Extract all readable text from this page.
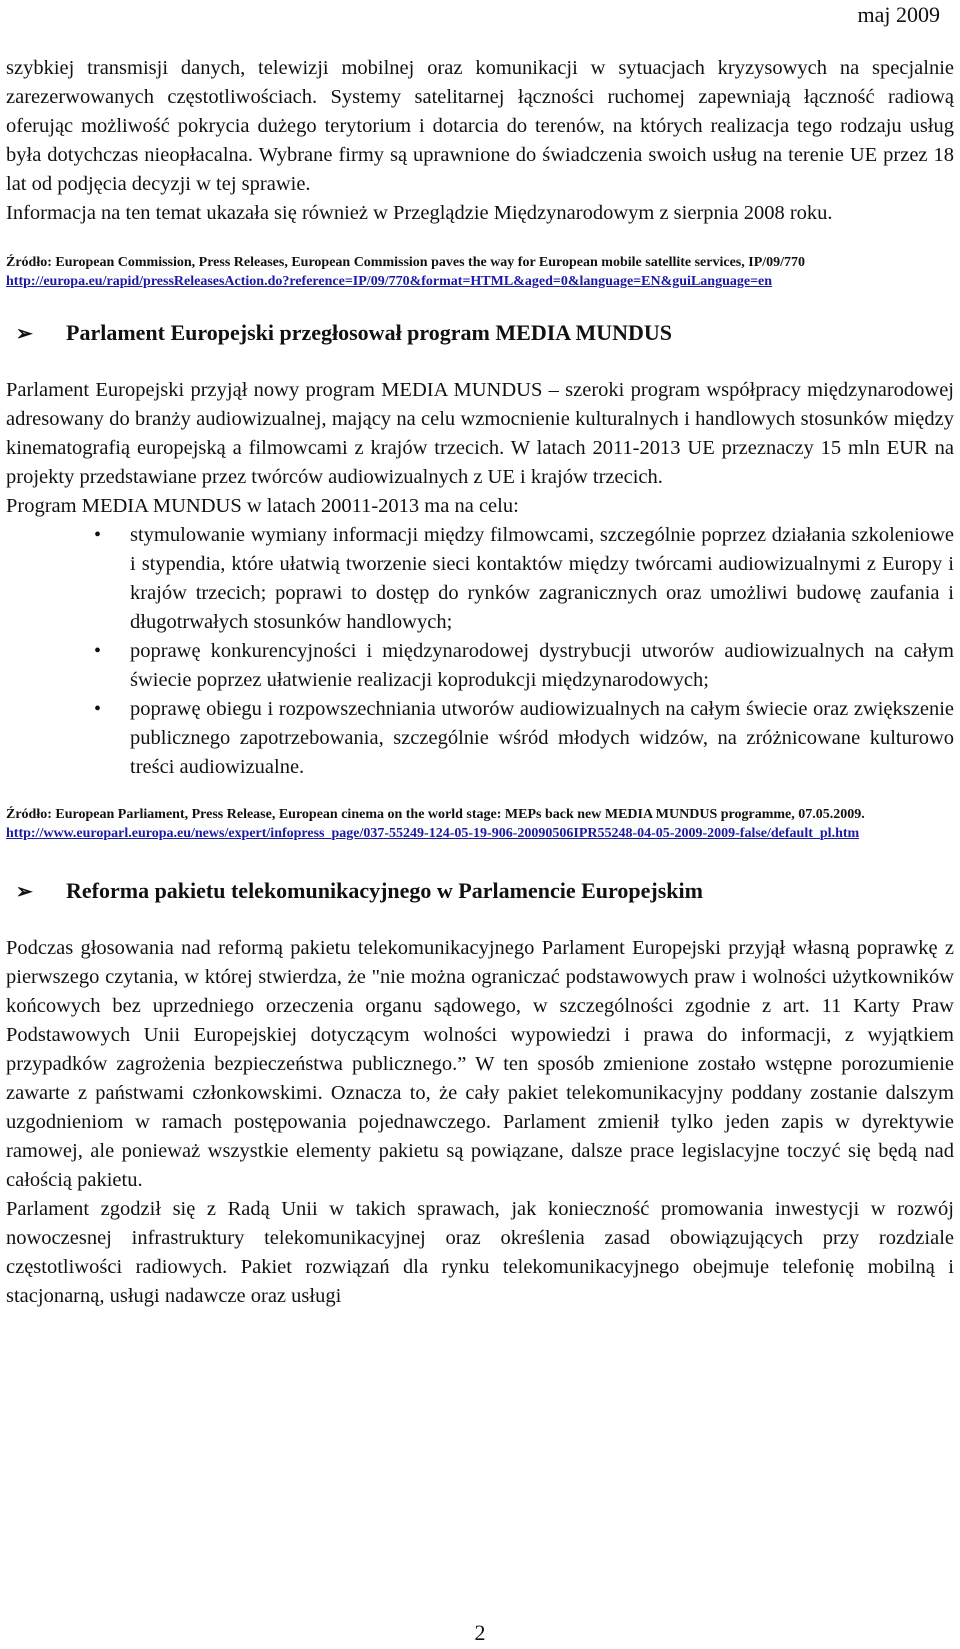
maj 2009

szybkiej transmisji danych, telewizji mobilnej oraz komunikacji w sytuacjach kryzysowych na specjalnie zarezerwowanych częstotliwościach. Systemy satelitarnej łączności ruchomej zapewniają łączność radiową oferując możliwość pokrycia dużego terytorium i dotarcia do terenów, na których realizacja tego rodzaju usług była dotychczas nieopłacalna. Wybrane firmy są uprawnione do świadczenia swoich usług na terenie UE przez 18 lat od podjęcia decyzji w tej sprawie.

Informacja na ten temat ukazała się również w Przeglądzie Międzynarodowym z sierpnia 2008 roku.

Źródło: European Commission, Press Releases, European Commission paves the way for European mobile satellite services, IP/09/770

http://europa.eu/rapid/pressReleasesAction.do?reference=IP/09/770&format=HTML&aged=0&language=EN&guiLanguage=en
➢	Parlament Europejski przegłosował program MEDIA MUNDUS

Parlament Europejski przyjął nowy program MEDIA MUNDUS – szeroki program współpracy międzynarodowej adresowany do branży audiowizualnej, mający na celu wzmocnienie kulturalnych i handlowych stosunków między kinematografią europejską a filmowcami z krajów trzecich. W latach 2011-2013 UE przeznaczy 15 mln EUR na projekty przedstawiane przez twórców audiowizualnych z UE i krajów trzecich.

Program MEDIA MUNDUS w latach 20011-2013 ma na celu:

• stymulowanie wymiany informacji między filmowcami, szczególnie poprzez działania szkoleniowe i stypendia, które ułatwią tworzenie sieci kontaktów między twórcami audiowizualnymi z Europy i krajów trzecich; poprawi to dostęp do rynków zagranicznych oraz umożliwi budowę zaufania i długotrwałych stosunków handlowych;
• poprawę konkurencyjności i międzynarodowej dystrybucji utworów audiowizualnych na całym świecie poprzez ułatwienie realizacji koprodukcji międzynarodowych;
• poprawę obiegu i rozpowszechniania utworów audiowizualnych na całym świecie oraz zwiększenie publicznego zapotrzebowania, szczególnie wśród młodych widzów, na zróżnicowane kulturowo treści audiowizualne.

Źródło: European Parliament, Press Release, European cinema on the world stage: MEPs back new MEDIA MUNDUS programme, 07.05.2009.

http://www.europarl.europa.eu/news/expert/infopress_page/037-55249-124-05-19-906-20090506IPR55248-04-05-2009-2009-false/default_pl.htm
➢	Reforma pakietu telekomunikacyjnego w Parlamencie Europejskim

Podczas głosowania nad reformą pakietu telekomunikacyjnego Parlament Europejski przyjął własną poprawkę z pierwszego czytania, w której stwierdza, że "nie można ograniczać podstawowych praw i wolności użytkowników końcowych bez uprzedniego orzeczenia organu sądowego, w szczególności zgodnie z art. 11 Karty Praw Podstawowych Unii Europejskiej dotyczącym wolności wypowiedzi i prawa do informacji, z wyjątkiem przypadków zagrożenia bezpieczeństwa publicznego.” W ten sposób zmienione zostało wstępne porozumienie zawarte z państwami członkowskimi. Oznacza to, że cały pakiet telekomunikacyjny poddany zostanie dalszym uzgodnieniom w ramach postępowania pojednawczego. Parlament zmienił tylko jeden zapis w dyrektywie ramowej, ale ponieważ wszystkie elementy pakietu są powiązane, dalsze prace legislacyjne toczyć się będą nad całością pakietu.

Parlament zgodził się z Radą Unii w takich sprawach, jak konieczność promowania inwestycji w rozwój nowoczesnej infrastruktury telekomunikacyjnej oraz określenia zasad obowiązujących przy rozdziale częstotliwości radiowych. Pakiet rozwiązań dla rynku telekomunikacyjnego obejmuje telefonię mobilną i stacjonarną, usługi nadawcze oraz usługi

2
